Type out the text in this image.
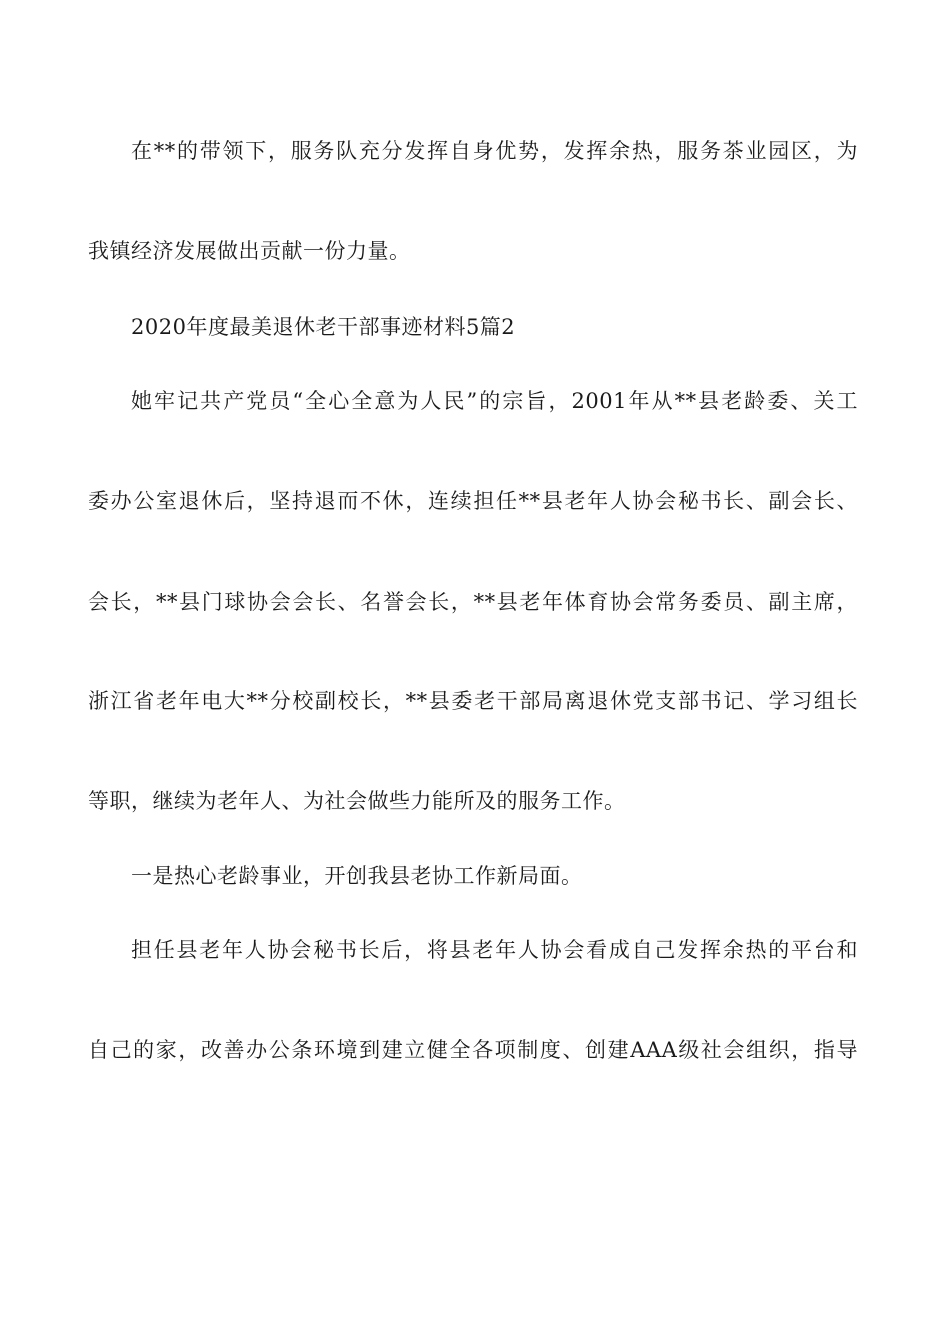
在**的带领下，服务队充分发挥自身优势，发挥余热，服务茶业园区，为
我镇经济发展做出贡献一份力量。
2020年度最美退休老干部事迹材料5篇2
她牢记共产党员“全心全意为人民”的宗旨，2001年从**县老龄委、关工
委办公室退休后，坚持退而不休，连续担任**县老年人协会秘书长、副会长、
会长，**县门球协会会长、名誉会长，**县老年体育协会常务委员、副主席，
浙江省老年电大**分校副校长，**县委老干部局离退休党支部书记、学习组长
等职，继续为老年人、为社会做些力能所及的服务工作。
一是热心老龄事业，开创我县老协工作新局面。
担任县老年人协会秘书长后，将县老年人协会看成自己发挥余热的平台和
自己的家，改善办公条环境到建立健全各项制度、创建AAA级社会组织，指导
